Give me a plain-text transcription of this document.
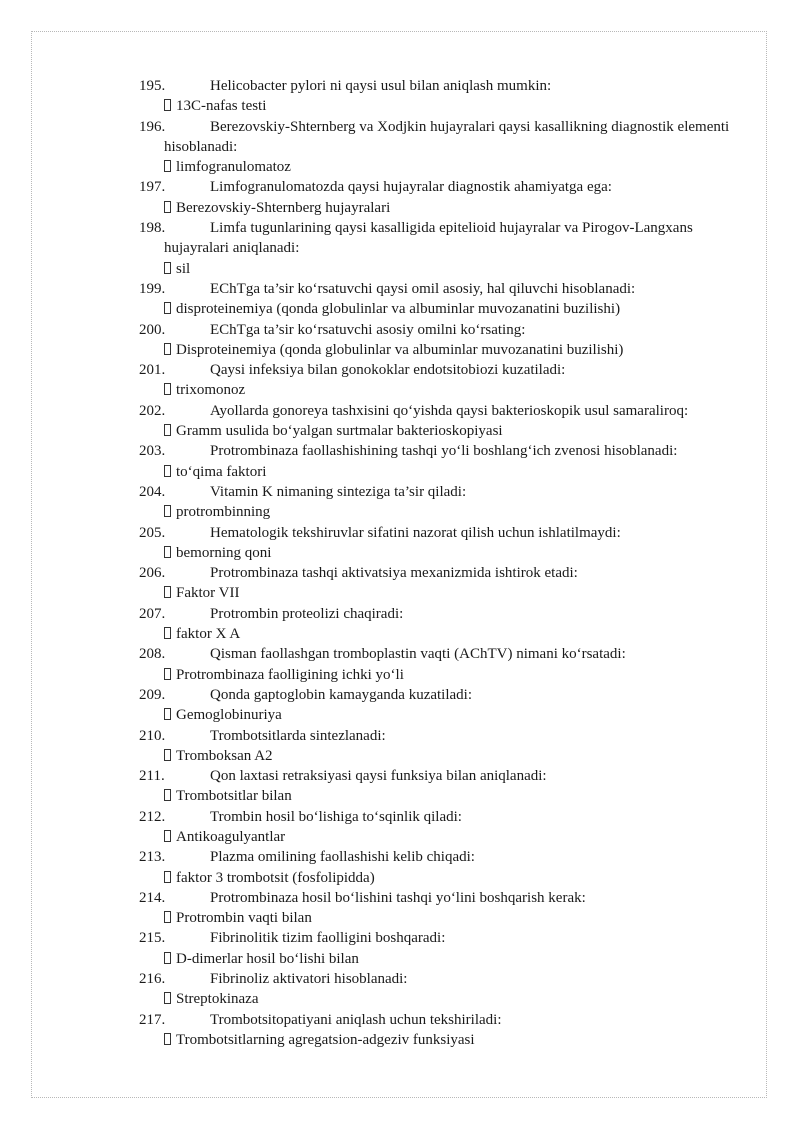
195.	Helicobacter pylori ni qaysi usul bilan aniqlash mumkin:
13C-nafas testi
196.	Berezovskiy-Shternberg va Xodjkin hujayralari qaysi kasallikning diagnostik elementi hisoblanadi:
limfogranulomatoz
197.	Limfogranulomatozda qaysi hujayralar diagnostik ahamiyatga ega:
Berezovskiy-Shternberg hujayralari
198.	Limfa tugunlarining qaysi kasalligida epitelioid hujayralar va Pirogov-Langxans hujayralari aniqlanadi:
sil
199.	EChTga ta’sir ko‘rsatuvchi qaysi omil asosiy, hal qiluvchi hisoblanadi:
disproteinemiya (qonda globulinlar va albuminlar muvozanatini buzilishi)
200.	EChTga ta’sir ko‘rsatuvchi asosiy omilni ko‘rsating:
Disproteinemiya (qonda globulinlar va albuminlar muvozanatini buzilishi)
201.	Qaysi infeksiya bilan gonokoklar endotsitobiozi kuzatiladi:
trixomonoz
202.	Ayollarda gonoreya tashxisini qo‘yishda qaysi bakterioskopik usul samaraliroq:
Gramm usulida bo‘yalgan surtmalar bakterioskopiyasi
203.	Protrombinaza faollashishining tashqi yo‘li boshlang‘ich zvenosi hisoblanadi:
to‘qima faktori
204.	Vitamin K nimaning sinteziga ta’sir qiladi:
protrombinning
205.	Hematologik tekshiruvlar sifatini nazorat qilish uchun ishlatilmaydi:
bemorning qoni
206.	Protrombinaza tashqi aktivatsiya mexanizmida ishtirok etadi:
Faktor VII
207.	Protrombin proteolizi chaqiradi:
faktor X A
208.	Qisman faollashgan tromboplastin vaqti (AChTV) nimani ko‘rsatadi:
Protrombinaza faolligining ichki yo‘li
209.	Qonda gaptoglobin kamayganda kuzatiladi:
Gemoglobinuriya
210.	Trombotsitlarda sintezlanadi:
Tromboksan A2
211.	Qon laxtasi retraksiyasi qaysi funksiya bilan aniqlanadi:
Trombotsitlar bilan
212.	Trombin hosil bo‘lishiga to‘sqinlik qiladi:
Antikoagulyantlar
213.	Plazma omilining faollashishi kelib chiqadi:
faktor 3 trombotsit (fosfolipidda)
214.	Protrombinaza hosil bo‘lishini tashqi yo‘lini boshqarish kerak:
Protrombin vaqti bilan
215.	Fibrinolitik tizim faolligini boshqaradi:
D-dimerlar hosil bo‘lishi bilan
216.	Fibrinoliz aktivatori hisoblanadi:
Streptokinaza
217.	Trombotsitopatiyani aniqlash uchun tekshiriladi:
Trombotsitlarning agregatsion-adgeziv funksiyasi
